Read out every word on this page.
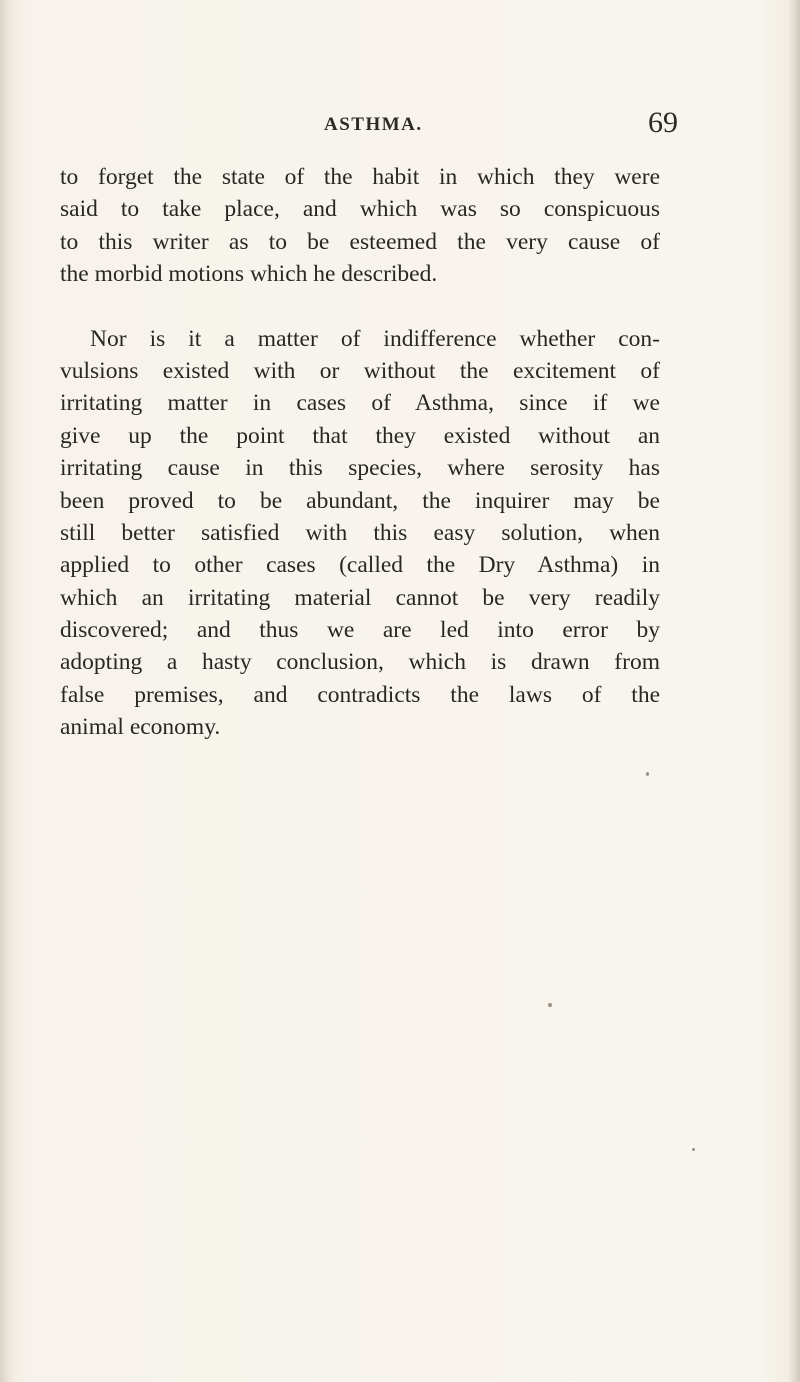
ASTHMA.	69
to forget the state of the habit in which they were
said to take place, and which was so conspicuous
to this writer as to be esteemed the very cause of
the morbid motions which he described.
Nor is it a matter of indifference whether con-
vulsions existed with or without the excitement of
irritating matter in cases of Asthma, since if we
give up the point that they existed without an
irritating cause in this species, where serosity has
been proved to be abundant, the inquirer may be
still better satisfied with this easy solution, when
applied to other cases (called the Dry Asthma) in
which an irritating material cannot be very readily
discovered; and thus we are led into error by
adopting a hasty conclusion, which is drawn from
false premises, and contradicts the laws of the
animal economy.
